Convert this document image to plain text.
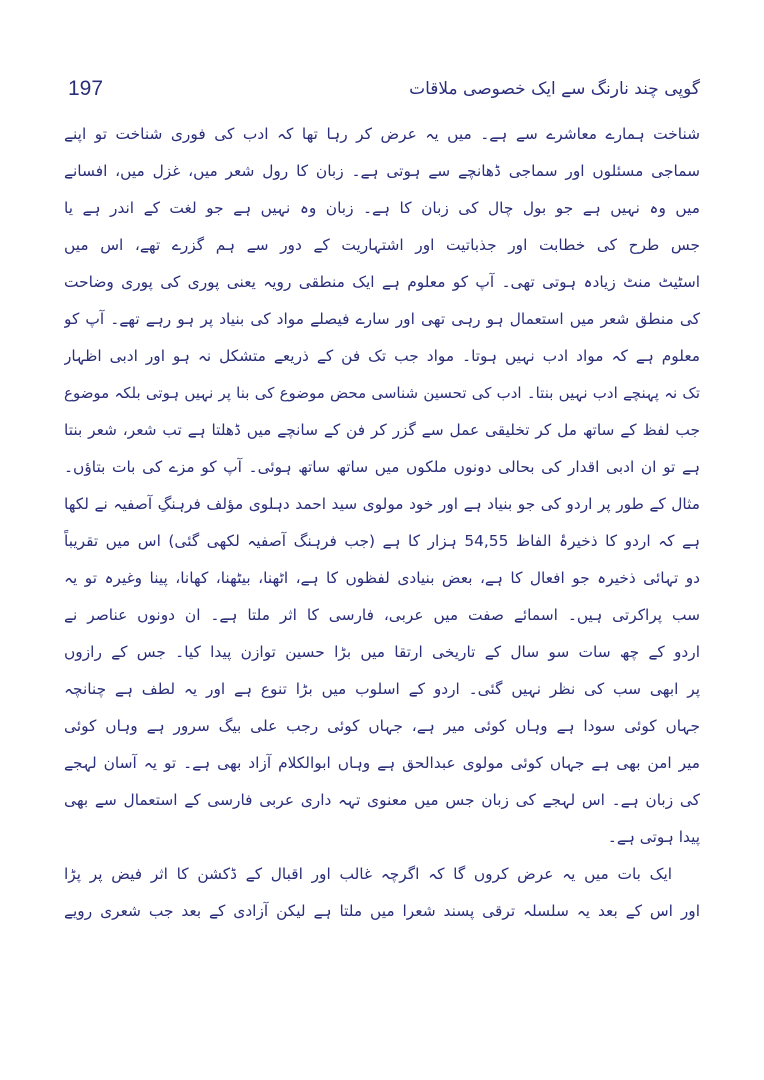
197	گوپی چند نارنگ سے ایک خصوصی ملاقات
شناخت ہمارے معاشرے سے ہے۔ میں یہ عرض کر رہا تھا کہ ادب کی فوری شناخت تو اپنے
سماجی مسئلوں اور سماجی ڈھانچے سے ہوتی ہے۔ زبان کا رول شعر میں، غزل میں، افسانے
میں وہ نہیں ہے جو بول چال کی زبان کا ہے۔ زبان وہ نہیں ہے جو لغت کے اندر ہے یا
جس طرح کی خطابت اور جذباتیت اور اشتہاریت کے دور سے ہم گزرے تھے، اس میں
اسٹیٹ منٹ زیادہ ہوتی تھی۔ آپ کو معلوم ہے ایک منطقی رویہ یعنی پوری کی پوری وضاحت
کی منطق شعر میں استعمال ہو رہی تھی اور سارے فیصلے مواد کی بنیاد پر ہو رہے تھے۔ آپ کو
معلوم ہے کہ مواد ادب نہیں ہوتا۔ مواد جب تک فن کے ذریعے متشکل نہ ہو اور ادبی اظہار
تک نہ پہنچے ادب نہیں بنتا۔ ادب کی تحسین شناسی محض موضوع کی بنا پر نہیں ہوتی بلکہ موضوع
جب لفظ کے ساتھ مل کر تخلیقی عمل سے گزر کر فن کے سانچے میں ڈھلتا ہے تب شعر، شعر بنتا
ہے تو ان ادبی اقدار کی بحالی دونوں ملکوں میں ساتھ ساتھ ہوئی۔ آپ کو مزے کی بات بتاؤں۔
مثال کے طور پر اردو کی جو بنیاد ہے اور خود مولوی سید احمد دہلوی مؤلف فرہنگِ آصفیہ نے لکھا
ہے کہ اردو کا ذخیرۂ الفاظ 54,55 ہزار کا ہے (جب فرہنگ آصفیہ لکھی گئی) اس میں تقریباً
دو تہائی ذخیرہ جو افعال کا ہے، بعض بنیادی لفظوں کا ہے، اٹھنا، بیٹھنا، کھانا، پینا وغیرہ تو یہ
سب پراکرتی ہیں۔ اسمائے صفت میں عربی، فارسی کا اثر ملتا ہے۔ ان دونوں عناصر نے
اردو کے چھ سات سو سال کے تاریخی ارتقا میں بڑا حسین توازن پیدا کیا۔ جس کے رازوں
پر ابھی سب کی نظر نہیں گئی۔ اردو کے اسلوب میں بڑا تنوع ہے اور یہ لطف ہے چنانچہ
جہاں کوئی سودا ہے وہاں کوئی میر ہے، جہاں کوئی رجب علی بیگ سرور ہے وہاں کوئی
میر امن بھی ہے جہاں کوئی مولوی عبدالحق ہے وہاں ابوالکلام آزاد بھی ہے۔ تو یہ آسان لہجے
کی زبان ہے۔ اس لہجے کی زبان جس میں معنوی تہہ داری عربی فارسی کے استعمال سے بھی
پیدا ہوتی ہے۔
ایک بات میں یہ عرض کروں گا کہ اگرچہ غالب اور اقبال کے ڈکشن کا اثر فیض پر پڑا
اور اس کے بعد یہ سلسلہ ترقی پسند شعرا میں ملتا ہے لیکن آزادی کے بعد جب شعری رویے
